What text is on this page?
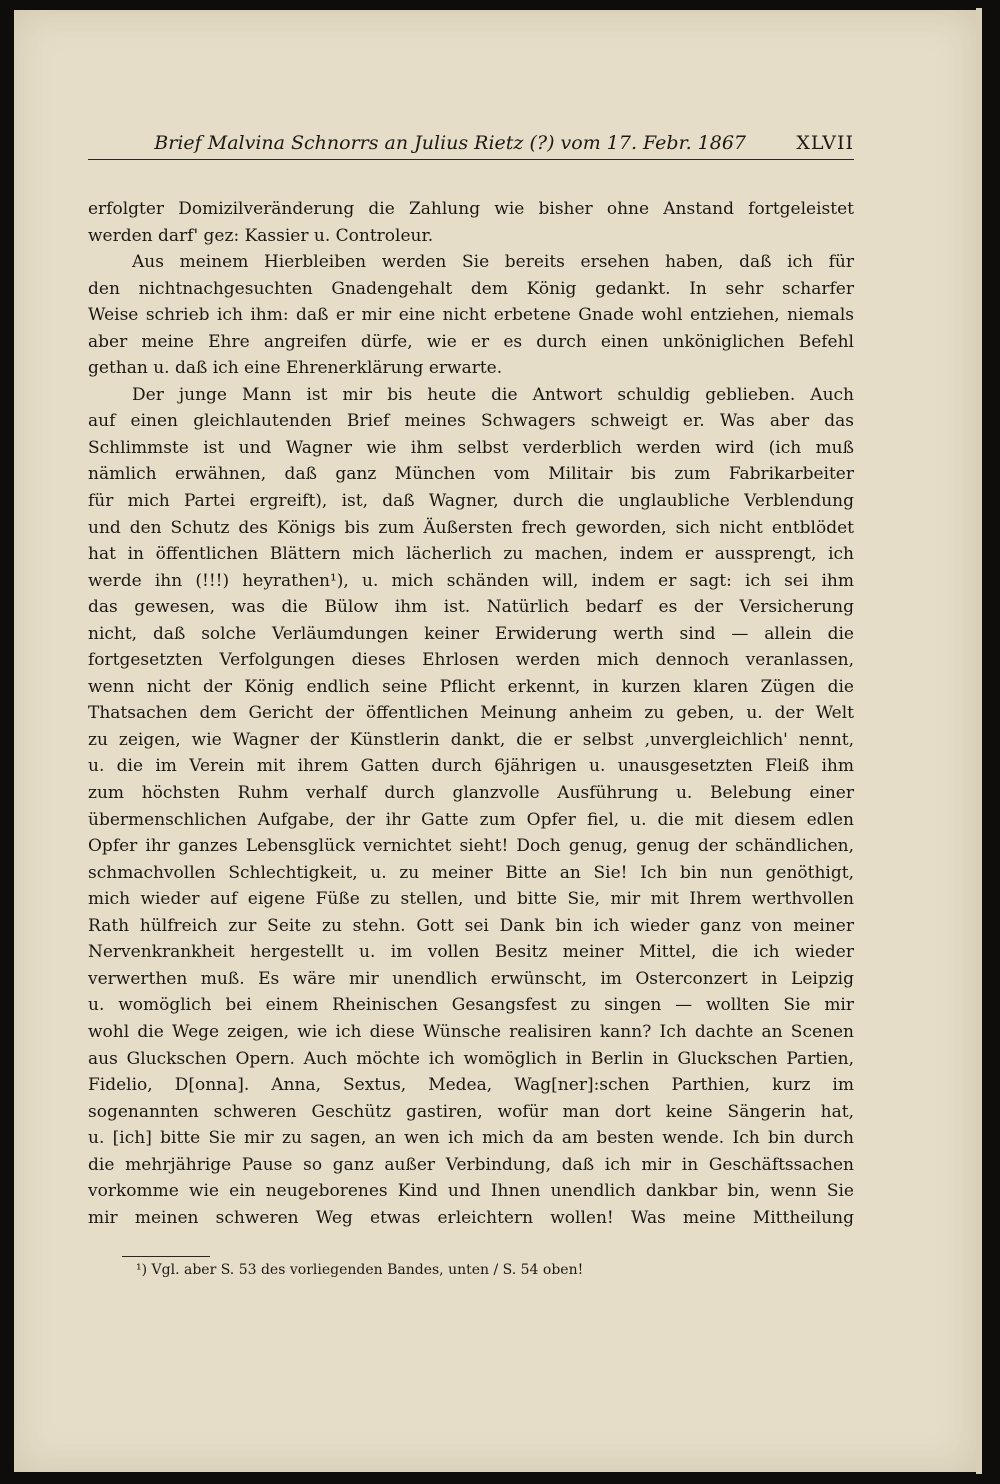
Brief Malvina Schnorrs an Julius Rietz (?) vom 17. Febr. 1867	XLVII
erfolgter Domizilveränderung die Zahlung wie bisher ohne Anstand fortgeleistet
werden darf' gez: Kassier u. Controleur.
Aus meinem Hierbleiben werden Sie bereits ersehen haben, daß ich für
den nichtnachgesuchten Gnadengehalt dem König gedankt. In sehr scharfer
Weise schrieb ich ihm: daß er mir eine nicht erbetene Gnade wohl entziehen, niemals
aber meine Ehre angreifen dürfe, wie er es durch einen unköniglichen Befehl
gethan u. daß ich eine Ehrenerklärung erwarte.
Der junge Mann ist mir bis heute die Antwort schuldig geblieben. Auch
auf einen gleichlautenden Brief meines Schwagers schweigt er. Was aber das
Schlimmste ist und Wagner wie ihm selbst verderblich werden wird (ich muß
nämlich erwähnen, daß ganz München vom Militair bis zum Fabrikarbeiter
für mich Partei ergreift), ist, daß Wagner, durch die unglaubliche Verblendung
und den Schutz des Königs bis zum Äußersten frech geworden, sich nicht entblödet
hat in öffentlichen Blättern mich lächerlich zu machen, indem er aussprengt, ich
werde ihn (!!!) heyrathen¹), u. mich schänden will, indem er sagt: ich sei ihm
das gewesen, was die Bülow ihm ist. Natürlich bedarf es der Versicherung
nicht, daß solche Verläumdungen keiner Erwiderung werth sind — allein die
fortgesetzten Verfolgungen dieses Ehrlosen werden mich dennoch veranlassen,
wenn nicht der König endlich seine Pflicht erkennt, in kurzen klaren Zügen die
Thatsachen dem Gericht der öffentlichen Meinung anheim zu geben, u. der Welt
zu zeigen, wie Wagner der Künstlerin dankt, die er selbst ‚unvergleichlich' nennt,
u. die im Verein mit ihrem Gatten durch 6jährigen u. unausgesetzten Fleiß ihm
zum höchsten Ruhm verhalf durch glanzvolle Ausführung u. Belebung einer
übermenschlichen Aufgabe, der ihr Gatte zum Opfer fiel, u. die mit diesem edlen
Opfer ihr ganzes Lebensglück vernichtet sieht! Doch genug, genug der schändlichen,
schmachvollen Schlechtigkeit, u. zu meiner Bitte an Sie! Ich bin nun genöthigt,
mich wieder auf eigene Füße zu stellen, und bitte Sie, mir mit Ihrem werthvollen
Rath hülfreich zur Seite zu stehn. Gott sei Dank bin ich wieder ganz von meiner
Nervenkrankheit hergestellt u. im vollen Besitz meiner Mittel, die ich wieder
verwerthen muß. Es wäre mir unendlich erwünscht, im Osterconzert in Leipzig
u. womöglich bei einem Rheinischen Gesangsfest zu singen — wollten Sie mir
wohl die Wege zeigen, wie ich diese Wünsche realisiren kann? Ich dachte an Scenen
aus Gluckschen Opern. Auch möchte ich womöglich in Berlin in Gluckschen Partien,
Fidelio, D[onna]. Anna, Sextus, Medea, Wag[ner]:schen Parthien, kurz im
sogenannten schweren Geschütz gastiren, wofür man dort keine Sängerin hat,
u. [ich] bitte Sie mir zu sagen, an wen ich mich da am besten wende. Ich bin durch
die mehrjährige Pause so ganz außer Verbindung, daß ich mir in Geschäftssachen
vorkomme wie ein neugeborenes Kind und Ihnen unendlich dankbar bin, wenn Sie
mir meinen schweren Weg etwas erleichtern wollen! Was meine Mittheilung
¹) Vgl. aber S. 53 des vorliegenden Bandes, unten / S. 54 oben!
